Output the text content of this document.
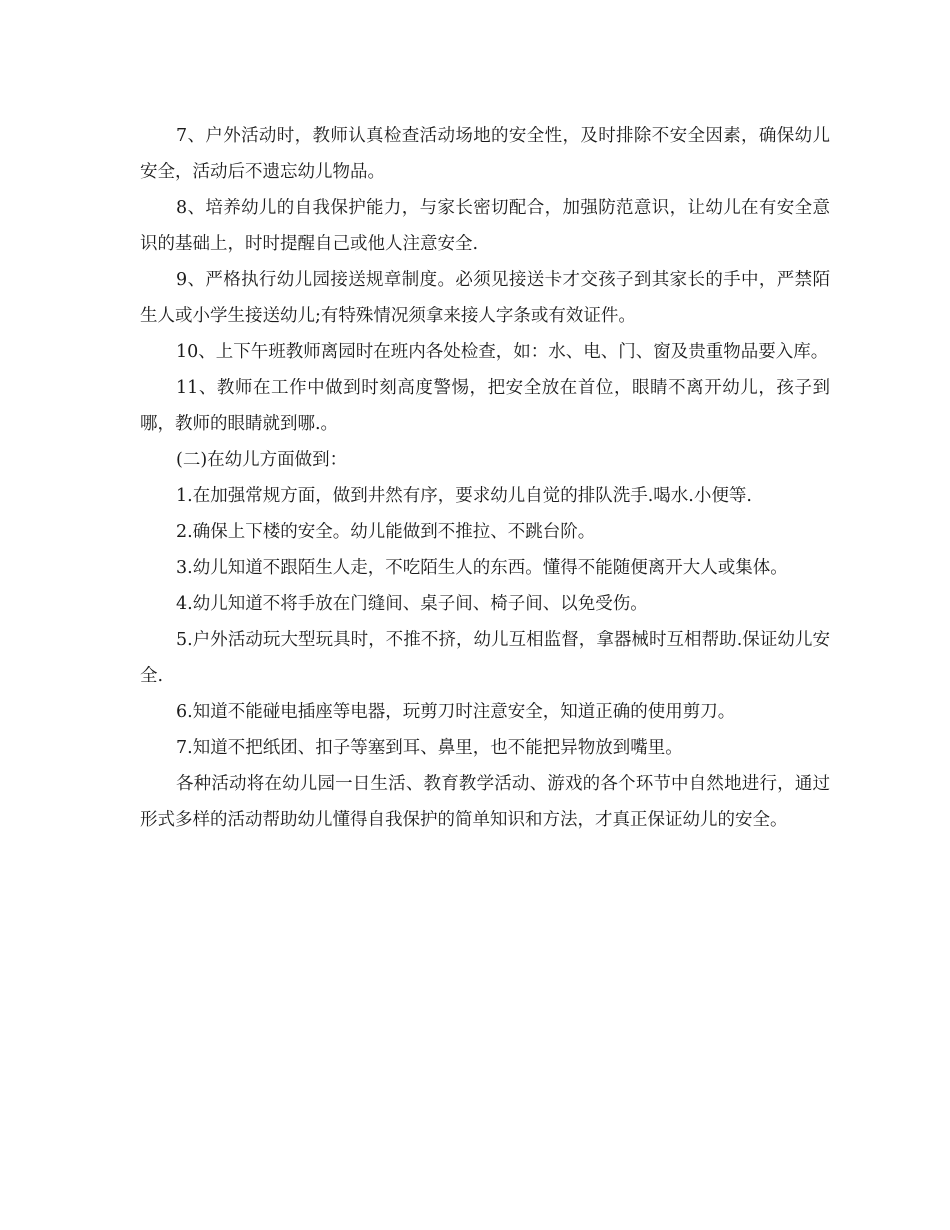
7、户外活动时，教师认真检查活动场地的安全性，及时排除不安全因素，确保幼儿安全，活动后不遗忘幼儿物品。

8、培养幼儿的自我保护能力，与家长密切配合，加强防范意识，让幼儿在有安全意识的基础上，时时提醒自己或他人注意安全.

9、严格执行幼儿园接送规章制度。必须见接送卡才交孩子到其家长的手中，严禁陌生人或小学生接送幼儿;有特殊情况须拿来接人字条或有效证件。

10、上下午班教师离园时在班内各处检查，如：水、电、门、窗及贵重物品要入库。

11、教师在工作中做到时刻高度警惕，把安全放在首位，眼睛不离开幼儿，孩子到哪，教师的眼睛就到哪.。

(二)在幼儿方面做到：

1.在加强常规方面，做到井然有序，要求幼儿自觉的排队洗手.喝水.小便等.

2.确保上下楼的安全。幼儿能做到不推拉、不跳台阶。

3.幼儿知道不跟陌生人走，不吃陌生人的东西。懂得不能随便离开大人或集体。

4.幼儿知道不将手放在门缝间、桌子间、椅子间、以免受伤。

5.户外活动玩大型玩具时，不推不挤，幼儿互相监督，拿器械时互相帮助.保证幼儿安全.

6.知道不能碰电插座等电器，玩剪刀时注意安全，知道正确的使用剪刀。

7.知道不把纸团、扣子等塞到耳、鼻里，也不能把异物放到嘴里。

各种活动将在幼儿园一日生活、教育教学活动、游戏的各个环节中自然地进行，通过形式多样的活动帮助幼儿懂得自我保护的简单知识和方法，才真正保证幼儿的安全。
